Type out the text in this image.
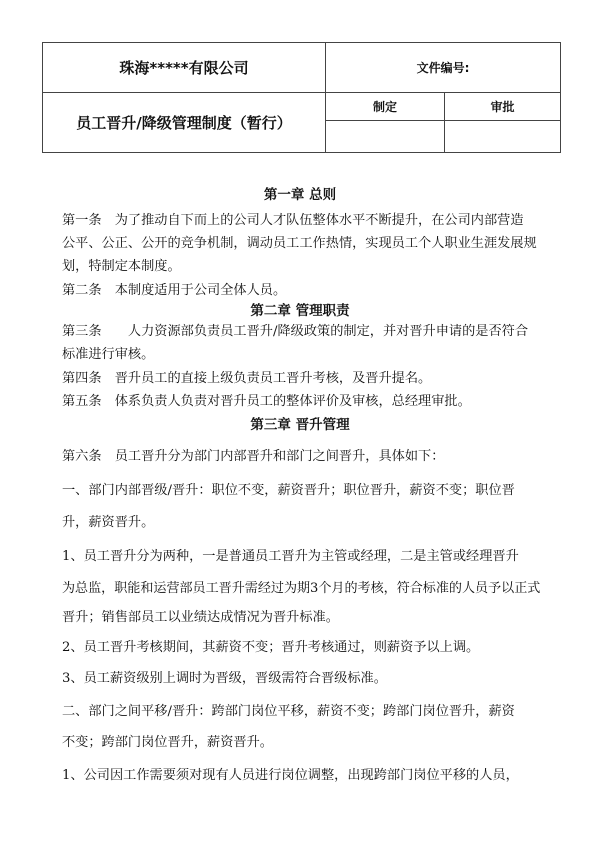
珠海*****有限公司	文件编号:	
员工晋升/降级管理制度（暂行）	制定	审批

第一章 总则
第一条　为了推动自下而上的公司人才队伍整体水平不断提升，在公司内部营造
公平、公正、公开的竞争机制，调动员工工作热情，实现员工个人职业生涯发展规
划，特制定本制度。
第二条　本制度适用于公司全体人员。
第二章 管理职责
第三条　　人力资源部负责员工晋升/降级政策的制定，并对晋升申请的是否符合
标准进行审核。
第四条　晋升员工的直接上级负责员工晋升考核，及晋升提名。
第五条　体系负责人负责对晋升员工的整体评价及审核，总经理审批。
第三章 晋升管理
第六条　员工晋升分为部门内部晋升和部门之间晋升，具体如下：
一、部门内部晋级/晋升：职位不变，薪资晋升；职位晋升，薪资不变；职位晋
升，薪资晋升。
1、员工晋升分为两种，一是普通员工晋升为主管或经理，二是主管或经理晋升
为总监，职能和运营部员工晋升需经过为期3个月的考核，符合标准的人员予以正式
晋升；销售部员工以业绩达成情况为晋升标准。
2、员工晋升考核期间，其薪资不变；晋升考核通过，则薪资予以上调。
3、员工薪资级别上调时为晋级，晋级需符合晋级标准。
二、部门之间平移/晋升：跨部门岗位平移，薪资不变；跨部门岗位晋升，薪资
不变；跨部门岗位晋升，薪资晋升。
1、公司因工作需要须对现有人员进行岗位调整，出现跨部门岗位平移的人员，
